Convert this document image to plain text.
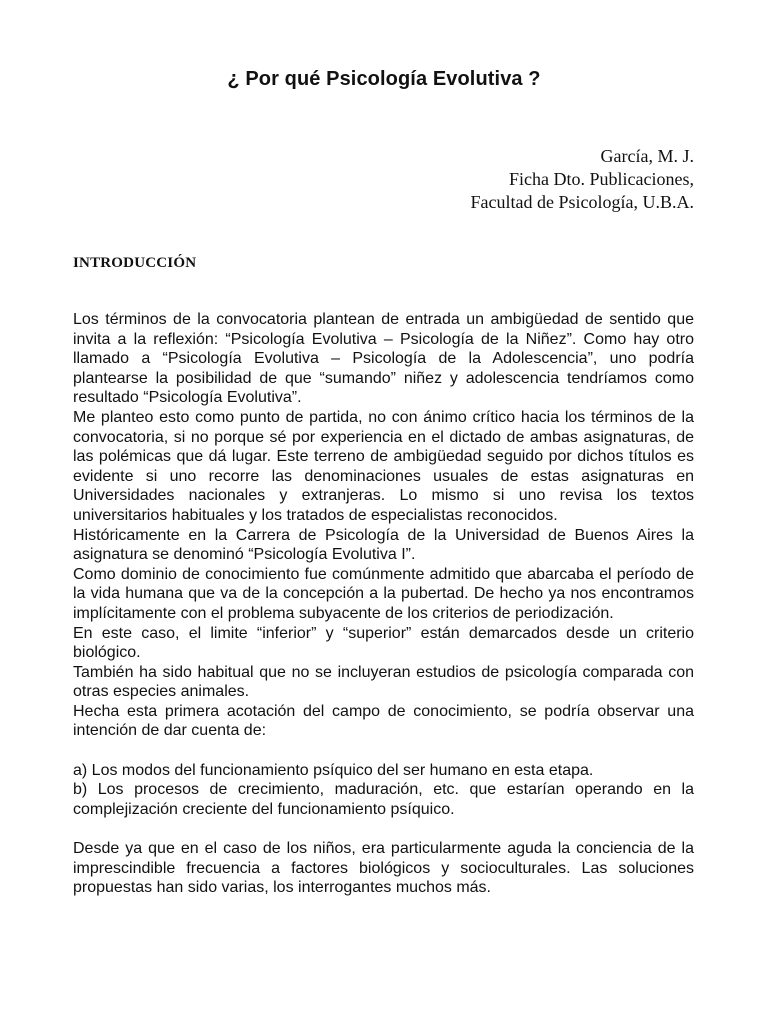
¿ Por qué Psicología Evolutiva ?
García, M. J.
Ficha Dto. Publicaciones,
Facultad de Psicología, U.B.A.
INTRODUCCIÓN

Los términos de la convocatoria plantean de entrada un ambigüedad de sentido que invita a la reflexión: “Psicología Evolutiva – Psicología de la Niñez”. Como hay otro llamado a “Psicología Evolutiva – Psicología de la Adolescencia”, uno podría plantearse la posibilidad de que “sumando” niñez y adolescencia tendríamos como resultado “Psicología Evolutiva”.

Me planteo esto como punto de partida, no con ánimo crítico hacia los términos de la convocatoria, si no porque sé por experiencia en el dictado de ambas asignaturas, de las polémicas que dá lugar. Este terreno de ambigüedad seguido por dichos títulos es evidente si uno recorre las denominaciones usuales de estas asignaturas en Universidades nacionales y extranjeras. Lo mismo si uno revisa los textos universitarios habituales y los tratados de especialistas reconocidos.

Históricamente en la Carrera de Psicología de la Universidad de Buenos Aires la asignatura se denominó “Psicología Evolutiva I”.

Como dominio de conocimiento fue comúnmente admitido que abarcaba el período de la vida humana que va de la concepción a la pubertad. De hecho ya nos encontramos implícitamente con el problema subyacente de los criterios de periodización.

En este caso, el limite “inferior” y “superior” están demarcados desde un criterio biológico.

También ha sido habitual que no se incluyeran estudios de psicología comparada con otras especies animales.

Hecha esta primera acotación del campo de conocimiento, se podría observar una intención de dar cuenta de:

a) Los modos del funcionamiento psíquico del ser humano en esta etapa.

b) Los procesos de crecimiento, maduración, etc. que estarían operando en la complejización creciente del funcionamiento psíquico.

Desde ya que en el caso de los niños, era particularmente aguda la conciencia de la imprescindible frecuencia a factores biológicos y socioculturales. Las soluciones propuestas han sido varias, los interrogantes muchos más.
